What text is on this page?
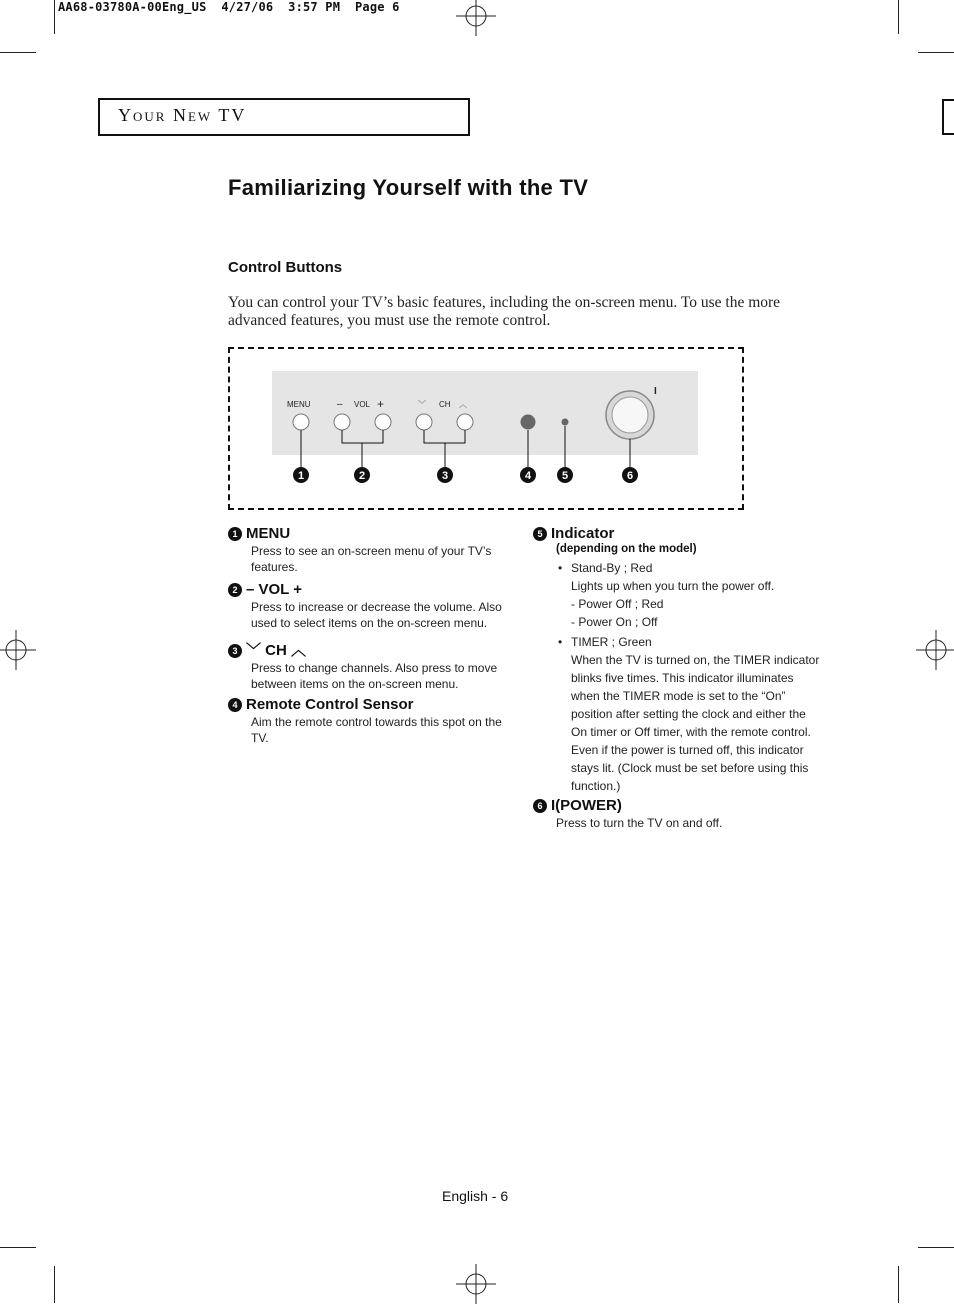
AA68-03780A-00Eng_US  4/27/06  3:57 PM  Page 6
Your New TV
Familiarizing Yourself with the TV
Control Buttons
You can control your TV’s basic features, including the on-screen menu. To use the more advanced features, you must use the remote control.
MENU	– VOL +	﹀ CH ︿
I
1	2	3	4	5	6
1 MENU
Press to see an on-screen menu of your TV’s features.
2 – VOL +
Press to increase or decrease the volume. Also used to select items on the on-screen menu.
3 ﹀ CH ︿
Press to change channels. Also press to move between items on the on-screen menu.
4 Remote Control Sensor
Aim the remote control towards this spot on the TV.
5 Indicator
(depending on the model)
• Stand-By ; Red
Lights up when you turn the power off.
- Power Off ; Red
- Power On ; Off
• TIMER ; Green
When the TV is turned on, the TIMER indicator blinks five times. This indicator illuminates when the TIMER mode is set to the “On” position after setting the clock and either the On timer or Off timer, with the remote control. Even if the power is turned off, this indicator stays lit. (Clock must be set before using this function.)
6 I(POWER)
Press to turn the TV on and off.
English - 6
